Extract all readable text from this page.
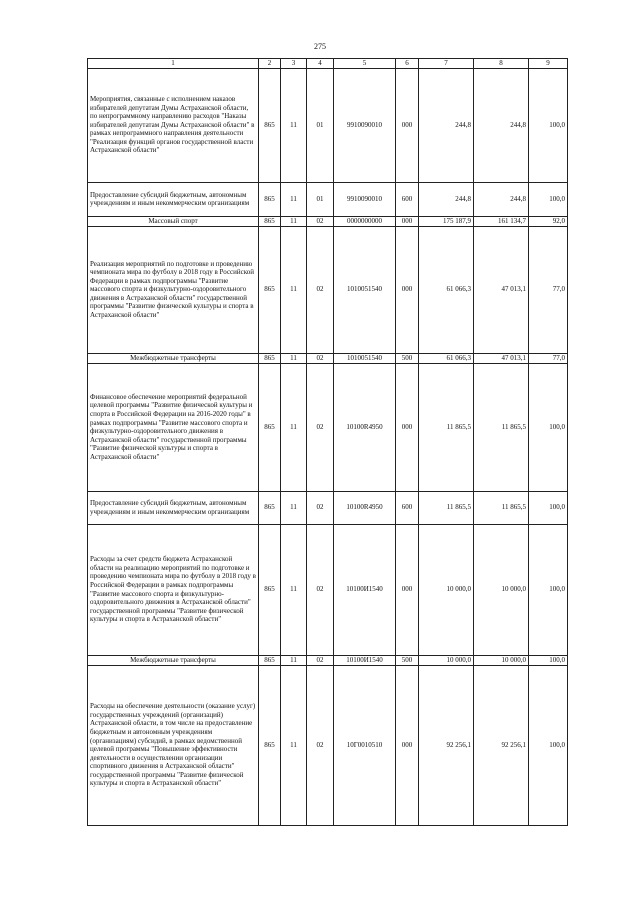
275
1	2	3	4	5	6	7	8	9
Мероприятия, связанные с исполнением наказов избирателей депутатам Думы Астраханской области, по непрограммному направлению расходов "Наказы избирателей депутатам Думы Астраханской области" в рамках непрограммного направления деятельности "Реализация функций органов государственной власти Астраханской области"	865	11	01	9910090010	000	244,8	244,8	100,0
Предоставление субсидий бюджетным, автономным учреждениям и иным некоммерческим организациям	865	11	01	9910090010	600	244,8	244,8	100,0
Массовый спорт	865	11	02	0000000000	000	175 187,9	161 134,7	92,0
Реализация мероприятий по подготовке и проведению чемпионата мира по футболу в 2018 году в Российской Федерации в рамках подпрограммы "Развитие массового спорта и физкультурно-оздоровительного движения в Астраханской области" государственной программы "Развитие физической культуры и спорта в Астраханской области"	865	11	02	1010051540	000	61 066,3	47 013,1	77,0
Межбюджетные трансферты	865	11	02	1010051540	500	61 066,3	47 013,1	77,0
Финансовое обеспечение мероприятий федеральной целевой программы "Развитие физической культуры и спорта в Российской Федерации на 2016-2020 годы" в рамках подпрограммы "Развитие массового спорта и физкультурно-оздоровительного движения в Астраханской области" государственной программы "Развитие физической культуры и спорта в Астраханской области"	865	11	02	10100R4950	000	11 865,5	11 865,5	100,0
Предоставление субсидий бюджетным, автономным учреждениям и иным некоммерческим организациям	865	11	02	10100R4950	600	11 865,5	11 865,5	100,0
Расходы за счет средств бюджета Астраханской области на реализацию мероприятий по подготовке и проведению чемпионата мира по футболу в 2018 году в Российской Федерации в рамках подпрограммы "Развитие массового спорта и физкультурно-оздоровительного движения в Астраханской области" государственной программы "Развитие физической культуры и спорта в Астраханской области"	865	11	02	10100И1540	000	10 000,0	10 000,0	100,0
Межбюджетные трансферты	865	11	02	10100И1540	500	10 000,0	10 000,0	100,0
Расходы на обеспечение деятельности (оказание услуг) государственных учреждений (организаций) Астраханской области, в том числе на предоставление бюджетным и автономным учреждениям (организациям) субсидий, в рамках ведомственной целевой программы "Повышение эффективности деятельности в осуществлении организации спортивного движения в Астраханской области" государственной программы "Развитие физической культуры и спорта в Астраханской области"	865	11	02	10Г0010510	000	92 256,1	92 256,1	100,0
